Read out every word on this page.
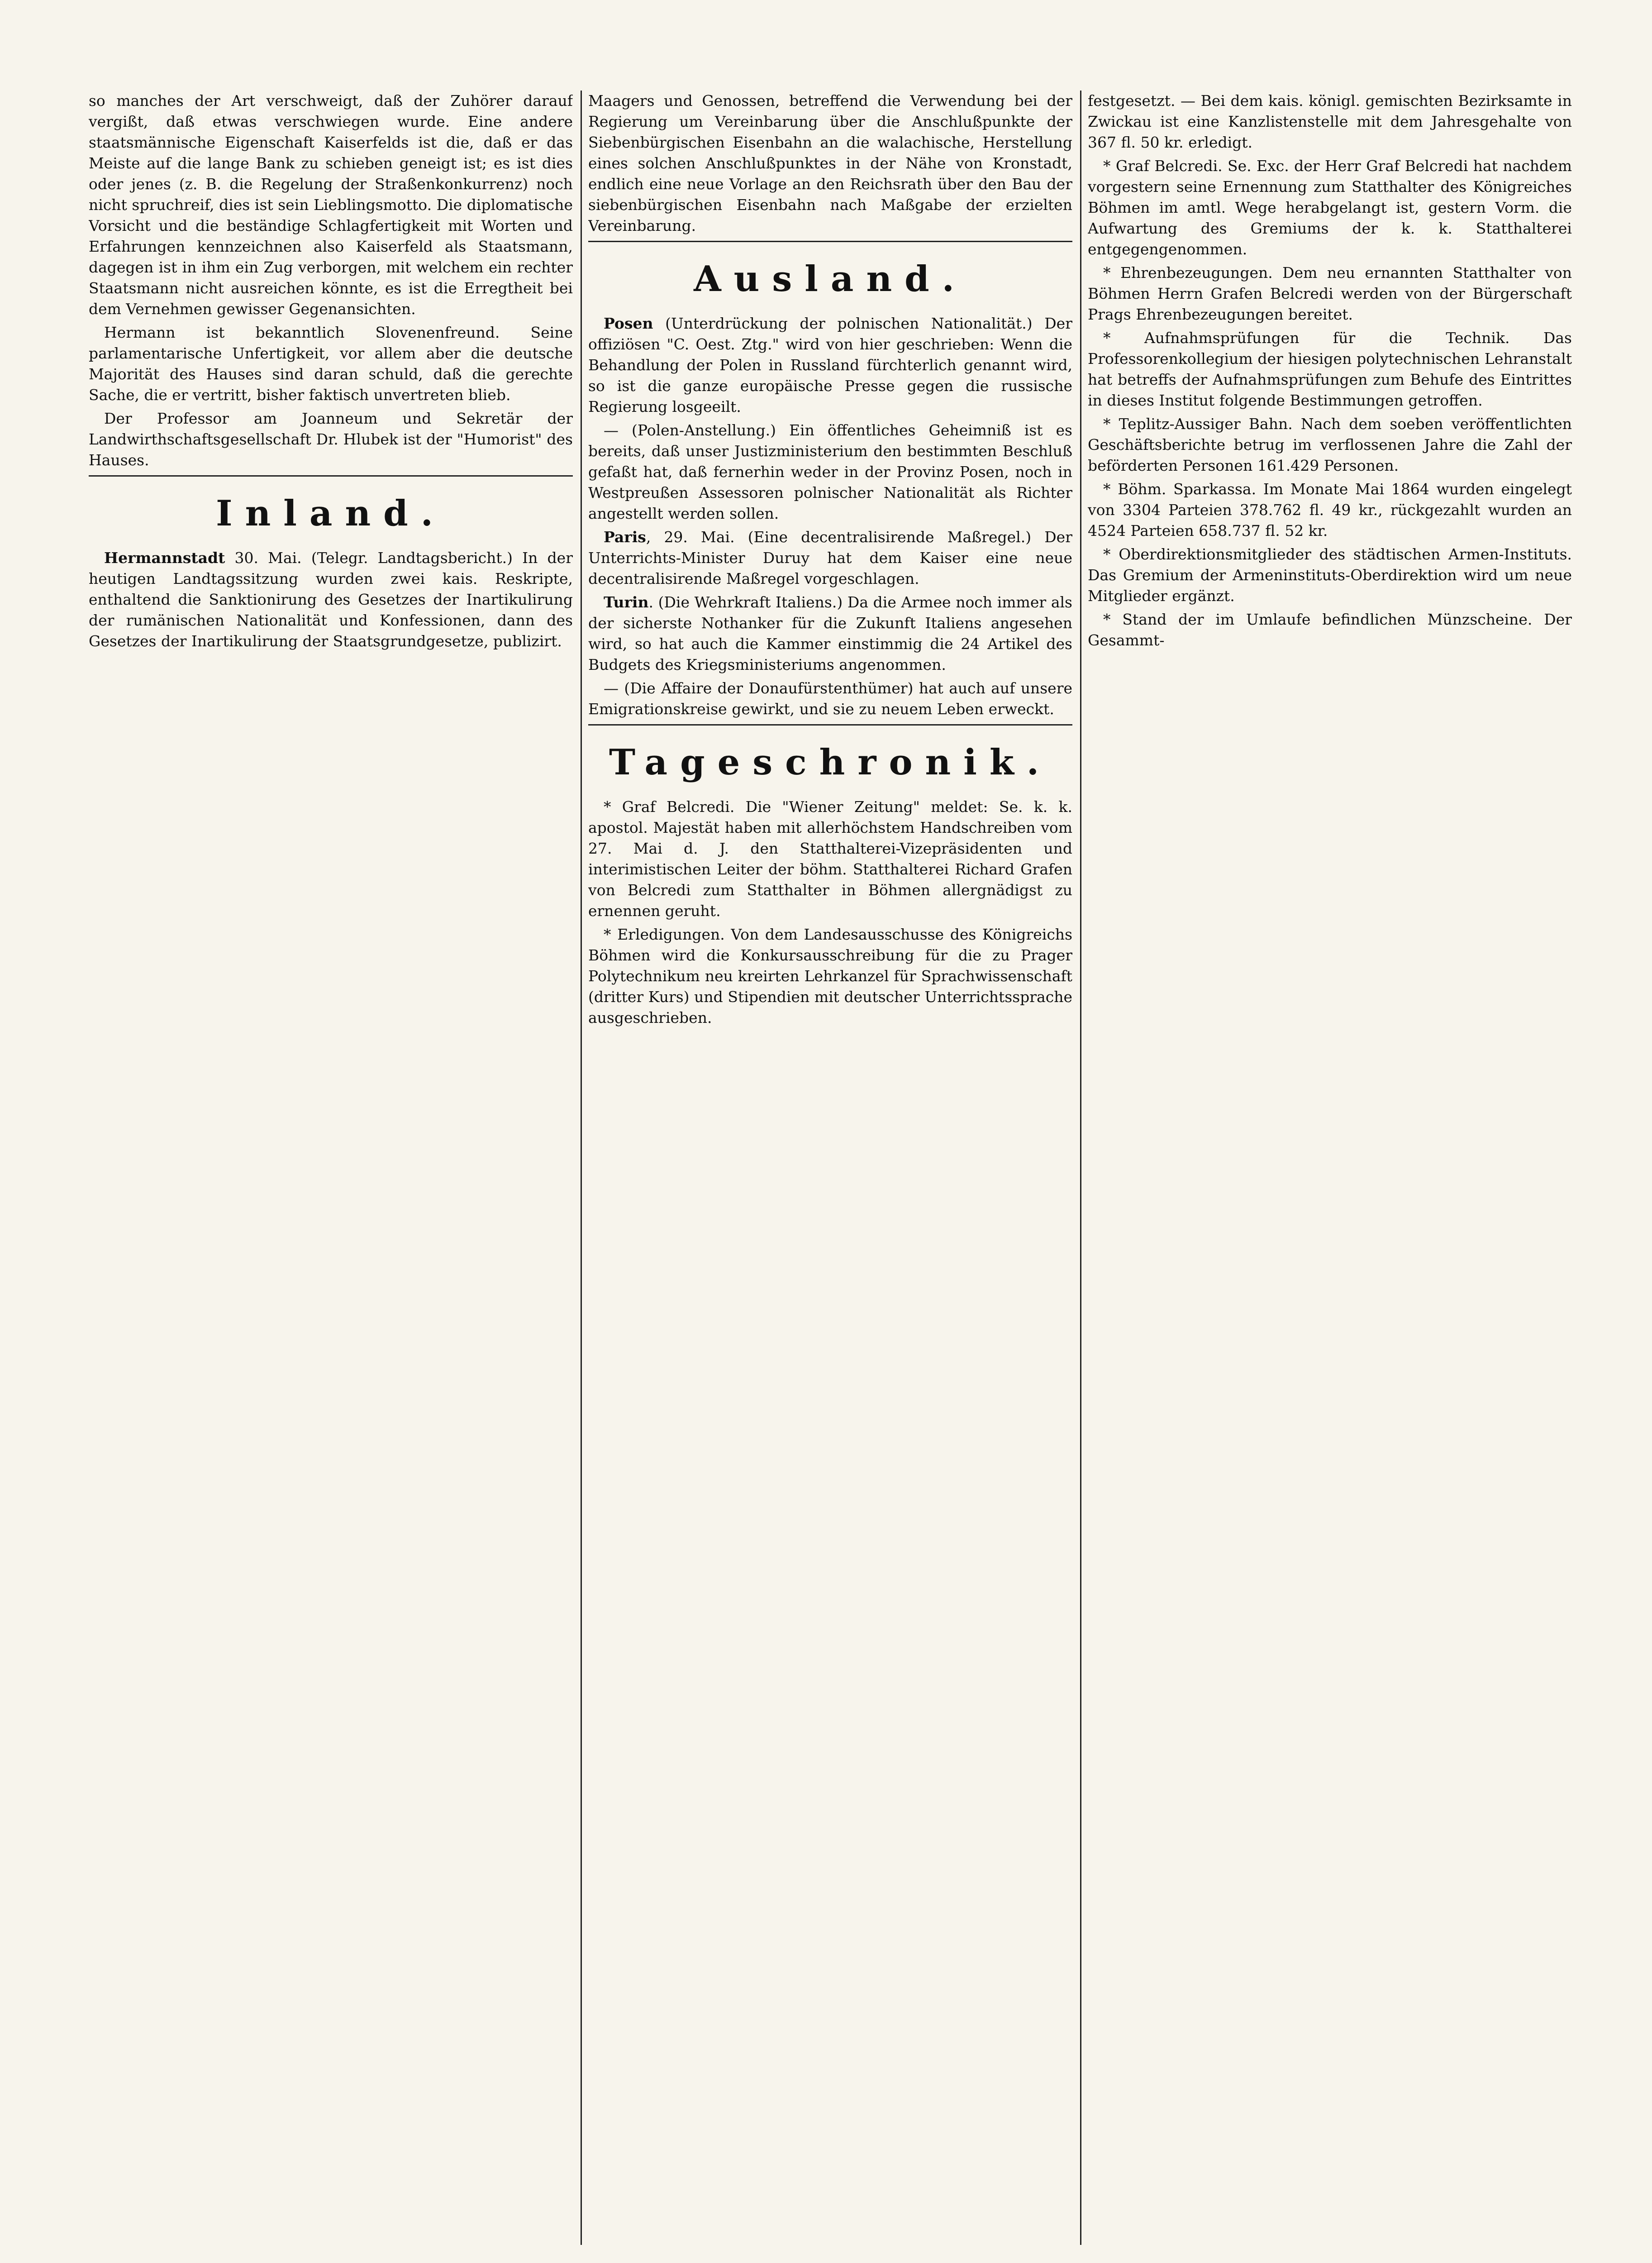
so manches der Art verschweigt, daß der Zuhörer darauf vergißt, daß etwas verschwiegen wurde. Eine andere staatsmännische Eigenschaft Kaiserfelds ist die, daß er das Meiste auf die lange Bank zu schieben geneigt ist; es ist dies oder jenes (z. B. die Regelung der Straßenkonkurrenz) noch nicht spruchreif, dies ist sein Lieblingsmotto. Die diplomatische Vorsicht und die beständige Schlagfertigkeit mit Worten und Erfahrungen kennzeichnen also Kaiserfeld als Staatsmann, dagegen ist in ihm ein Zug verborgen, mit welchem ein rechter Staatsmann nicht ausreichen könnte, es ist die Erregtheit bei dem Vernehmen gewisser Gegenansichten.

Hermann ist bekanntlich Slovenenfreund. Seine parlamentarische Unfertigkeit, vor allem aber die deutsche Majorität des Hauses sind daran schuld, daß die gerechte Sache, die er vertritt, bisher faktisch unvertreten blieb.

Der Professor am Joanneum und Sekretär der Landwirthschaftsgesellschaft Dr. Hlubek ist der "Humorist" des Hauses.

Inland.

Hermannstadt 30. Mai. (Telegr. Landtagsbericht.) In der heutigen Landtagssitzung wurden zwei kais. Reskripte, enthaltend die Sanktionirung des Gesetzes der Inartikulirung der rumänischen Nationalität und Konfessionen, dann des Gesetzes der Inartikulirung der Staatsgrundgesetze, publizirt.

Maagers und Genossen, betreffend die Verwendung bei der Regierung um Vereinbarung über die Anschlußpunkte der Siebenbürgischen Eisenbahn an die walachische, Herstellung eines solchen Anschlußpunktes in der Nähe von Kronstadt, endlich eine neue Vorlage an den Reichsrath über den Bau der siebenbürgischen Eisenbahn nach Maßgabe der erzielten Vereinbarung.

Ausland.

Posen (Unterdrückung der polnischen Nationalität.) Der offiziösen "C. Oest. Ztg." wird von hier geschrieben: Wenn die Behandlung der Polen in Russland fürchterlich genannt wird, so ist die ganze europäische Presse gegen die russische Regierung losgeeilt.

— (Polen-Anstellung.) Ein öffentliches Geheimniß ist es bereits, daß unser Justizministerium den bestimmten Beschluß gefaßt hat, daß fernerhin weder in der Provinz Posen, noch in Westpreußen Assessoren polnischer Nationalität als Richter angestellt werden sollen.

Paris, 29. Mai. (Eine decentralisirende Maßregel.) Der Unterrichts-Minister Duruy hat dem Kaiser eine neue decentralisirende Maßregel vorgeschlagen.

Turin. (Die Wehrkraft Italiens.) Da die Armee noch immer als der sicherste Nothanker für die Zukunft Italiens angesehen wird, so hat auch die Kammer einstimmig die 24 Artikel des Budgets des Kriegsministeriums angenommen.

— (Die Affaire der Donaufürstenthümer) hat auch auf unsere Emigrationskreise gewirkt, und sie zu neuem Leben erweckt.

Tageschronik.

* Graf Belcredi. Die "Wiener Zeitung" meldet: Se. k. k. apostol. Majestät haben mit allerhöchstem Handschreiben vom 27. Mai d. J. den Statthalterei-Vizepräsidenten und interimistischen Leiter der böhm. Statthalterei Richard Grafen von Belcredi zum Statthalter in Böhmen allergnädigst zu ernennen geruht.

* Erledigungen. Von dem Landesausschusse des Königreichs Böhmen wird die Konkursausschreibung für die zu Prager Polytechnikum neu kreirten Lehrkanzel für Sprachwissenschaft (dritter Kurs) und Stipendien mit deutscher Unterrichtssprache ausgeschrieben.

festgesetzt. — Bei dem kais. königl. gemischten Bezirksamte in Zwickau ist eine Kanzlistenstelle mit dem Jahresgehalte von 367 fl. 50 kr. erledigt.

* Graf Belcredi. Se. Exc. der Herr Graf Belcredi hat nachdem vorgestern seine Ernennung zum Statthalter des Königreiches Böhmen im amtl. Wege herabgelangt ist, gestern Vorm. die Aufwartung des Gremiums der k. k. Statthalterei entgegengenommen.

* Ehrenbezeugungen. Dem neu ernannten Statthalter von Böhmen Herrn Grafen Belcredi werden von der Bürgerschaft Prags Ehrenbezeugungen bereitet.

* Aufnahmsprüfungen für die Technik. Das Professorenkollegium der hiesigen polytechnischen Lehranstalt hat betreffs der Aufnahmsprüfungen zum Behufe des Eintrittes in dieses Institut folgende Bestimmungen getroffen.

* Teplitz-Aussiger Bahn. Nach dem soeben veröffentlichten Geschäftsberichte betrug im verflossenen Jahre die Zahl der beförderten Personen 161.429 Personen.

* Böhm. Sparkassa. Im Monate Mai 1864 wurden eingelegt von 3304 Parteien 378.762 fl. 49 kr., rückgezahlt wurden an 4524 Parteien 658.737 fl. 52 kr.

* Oberdirektionsmitglieder des städtischen Armen-Instituts. Das Gremium der Armeninstituts-Oberdirektion wird um neue Mitglieder ergänzt.

* Stand der im Umlaufe befindlichen Münzscheine. Der Gesammt-
